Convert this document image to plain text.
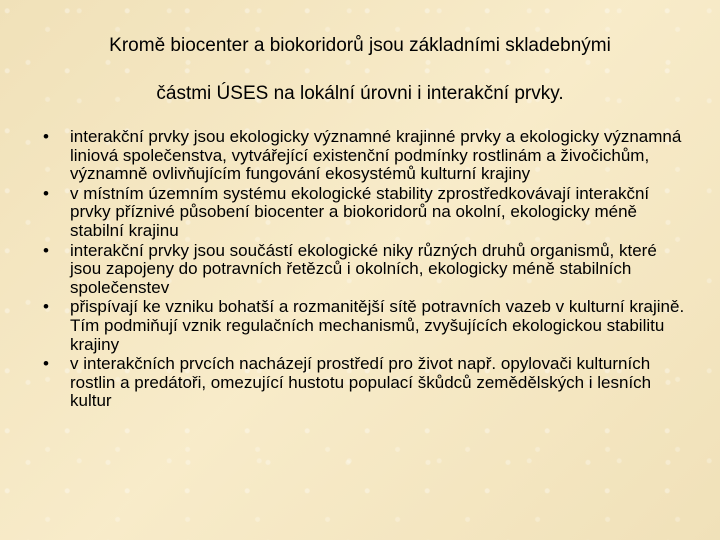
Kromě biocenter a biokoridorů jsou základními skladebnými
částmi ÚSES na lokální úrovni i interakční prvky.
• interakční prvky jsou ekologicky významné krajinné prvky a ekologicky významná liniová společenstva, vytvářející existenční podmínky rostlinám a živočichům, významně ovlivňujícím fungování ekosystémů kulturní krajiny
• v místním územním systému ekologické stability zprostředkovávají interakční prvky příznivé působení biocenter a biokoridorů na okolní, ekologicky méně stabilní krajinu
• interakční prvky jsou součástí ekologické niky různých druhů organismů, které jsou zapojeny do potravních řetězců i okolních, ekologicky méně stabilních společenstev
• přispívají ke vzniku bohatší a rozmanitější sítě potravních vazeb v kulturní krajině. Tím podmiňují vznik regulačních mechanismů, zvyšujících ekologickou stabilitu krajiny
• v interakčních prvcích nacházejí prostředí pro život např. opylovači kulturních rostlin a predátoři, omezující hustotu populací škůdců zemědělských i lesních kultur
